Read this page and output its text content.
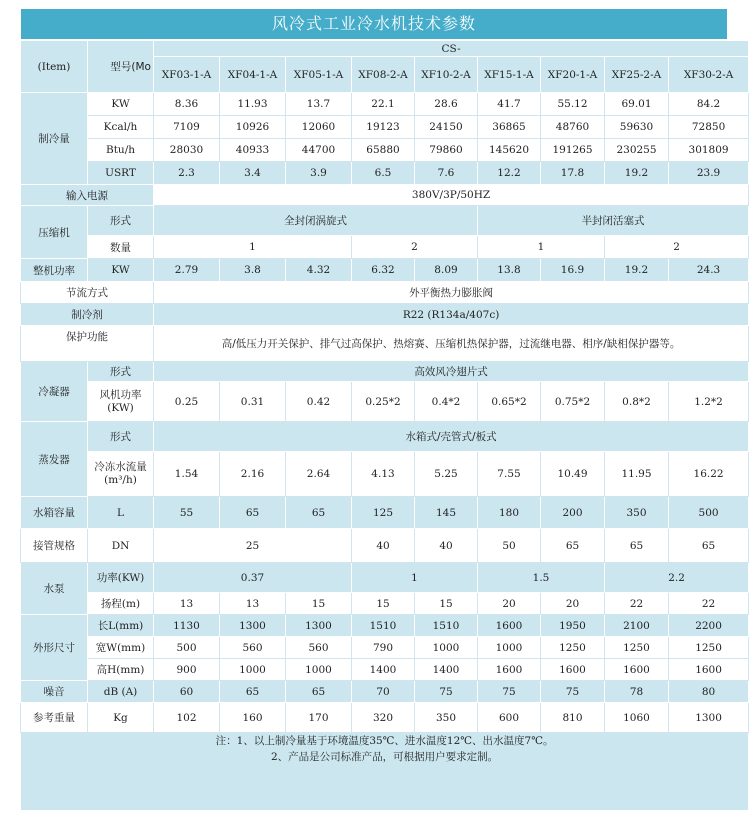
风冷式工业冷水机技术参数
(Item)	型号(Mo	CS-								
		XF03-1-A	XF04-1-A	XF05-1-A	XF08-2-A	XF10-2-A	XF15-1-A	XF20-1-A	XF25-2-A	XF30-2-A
制冷量	KW	8.36	11.93	13.7	22.1	28.6	41.7	55.12	69.01	84.2
	Kcal/h	7109	10926	12060	19123	24150	36865	48760	59630	72850
	Btu/h	28030	40933	44700	65880	79860	145620	191265	230255	301809
	USRT	2.3	3.4	3.9	6.5	7.6	12.2	17.8	19.2	23.9
输入电源		380V/3P/50HZ								
压缩机	形式	全封闭涡旋式					半封闭活塞式			
	数量	1			2		1		2	
整机功率	KW	2.79	3.8	4.32	6.32	8.09	13.8	16.9	19.2	24.3
节流方式		外平衡热力膨胀阀								
制冷剂		R22 (R134a/407c)								
保护功能		高/低压力开关保护、排气过高保护、热熔赛、压缩机热保护器，过流继电器、相序/缺相保护器等。								
冷凝器	形式	高效风冷翅片式								
	风机功率
(KW)	0.25	0.31	0.42	0.25*2	0.4*2	0.65*2	0.75*2	0.8*2	1.2*2
蒸发器	形式	水箱式/壳管式/板式								
	冷冻水流量
(m³/h)	1.54	2.16	2.64	4.13	5.25	7.55	10.49	11.95	16.22
水箱容量	L	55	65	65	125	145	180	200	350	500
接管规格	DN	25			40	40	50	65	65	65
水泵	功率(KW)	0.37			1		1.5		2.2	
	扬程(m)	13	13	15	15	15	20	20	22	22
外形尺寸	长L(mm)	1130	1300	1300	1510	1510	1600	1950	2100	2200
	宽W(mm)	500	560	560	790	1000	1000	1250	1250	1250
	高H(mm)	900	1000	1000	1400	1400	1600	1600	1600	1600
噪音	dB (A)	60	65	65	70	75	75	75	78	80
参考重量	Kg	102	160	170	320	350	600	810	1060	1300

注：1、以上制冷量基于环境温度35℃、进水温度12℃、出水温度7℃。
2、产品是公司标准产品，可根据用户要求定制。										
